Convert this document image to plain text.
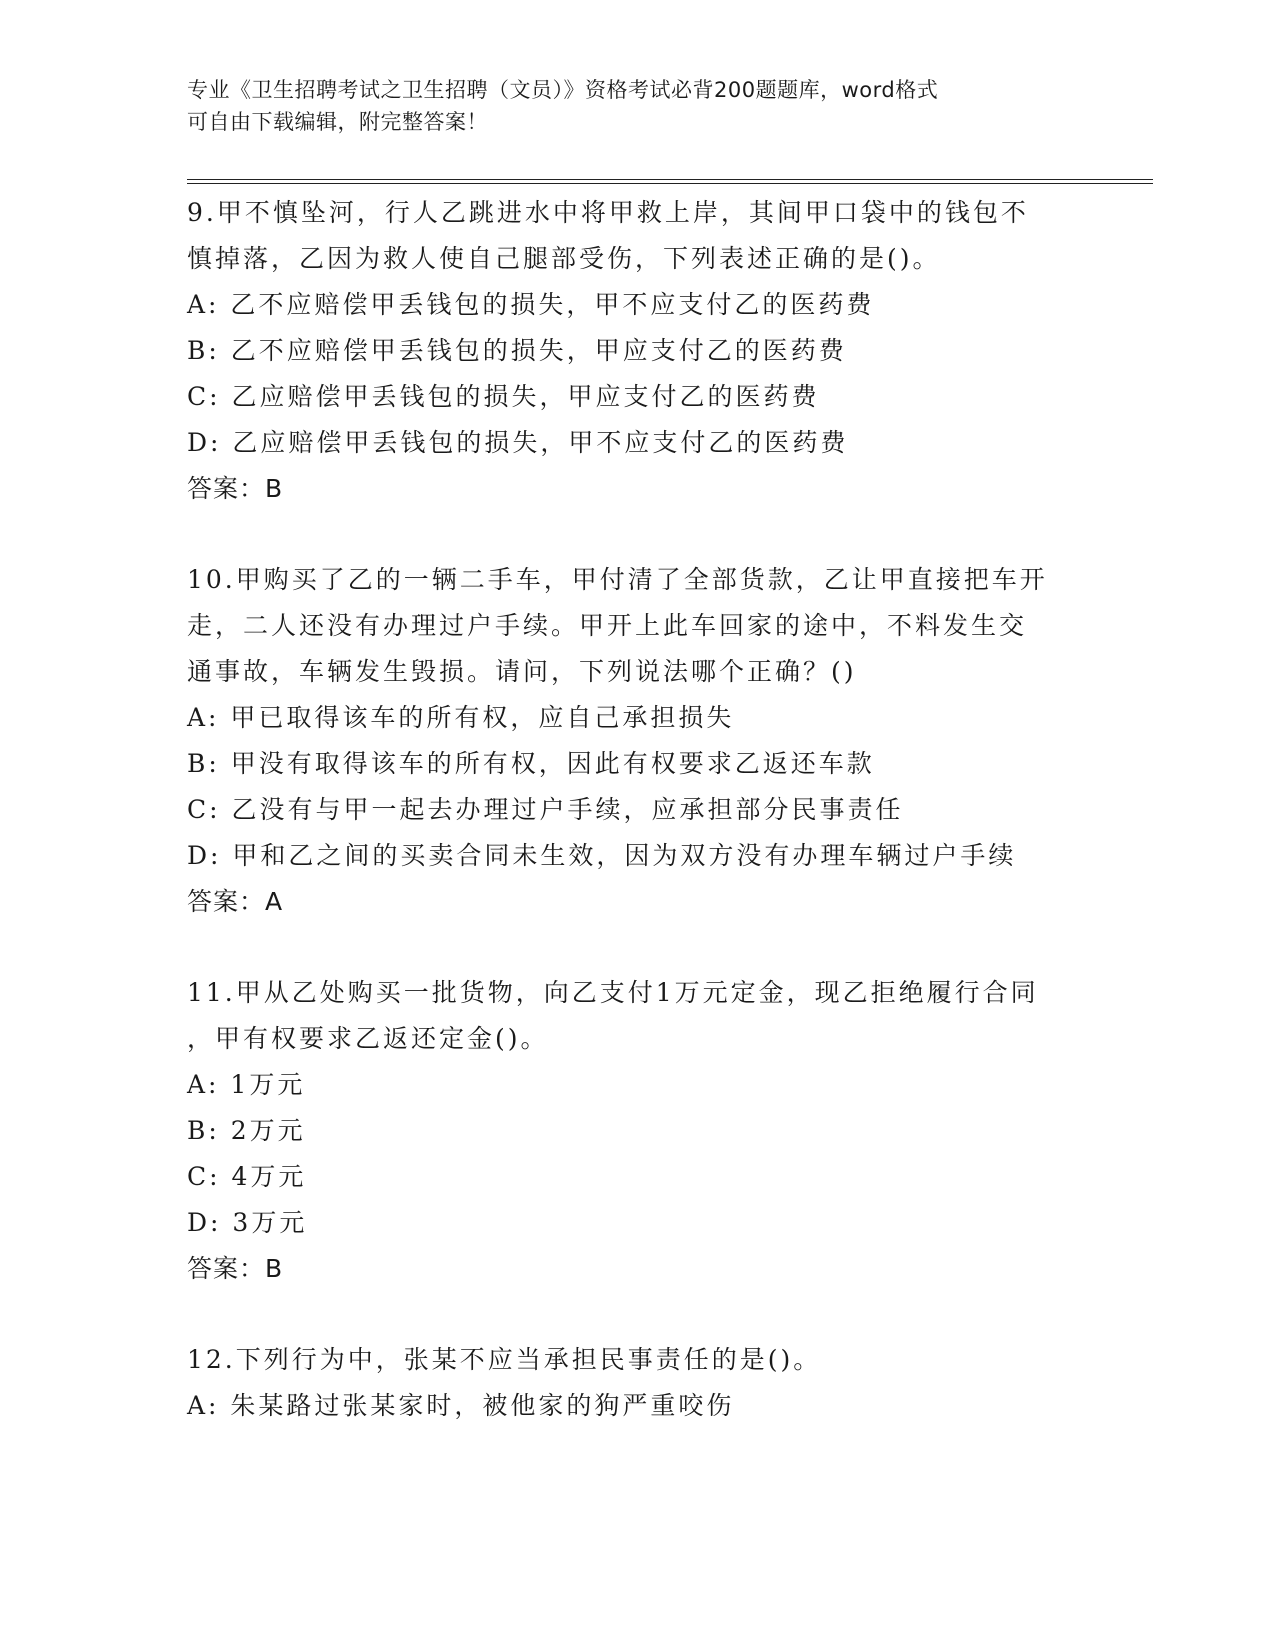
专业《卫生招聘考试之卫生招聘（文员）》资格考试必背200题题库，word格式
可自由下载编辑，附完整答案！
9.甲不慎坠河，行人乙跳进水中将甲救上岸，其间甲口袋中的钱包不
慎掉落，乙因为救人使自己腿部受伤，下列表述正确的是()。
A: 乙不应赔偿甲丢钱包的损失，甲不应支付乙的医药费
B: 乙不应赔偿甲丢钱包的损失，甲应支付乙的医药费
C: 乙应赔偿甲丢钱包的损失，甲应支付乙的医药费
D: 乙应赔偿甲丢钱包的损失，甲不应支付乙的医药费
答案：B
10.甲购买了乙的一辆二手车，甲付清了全部货款，乙让甲直接把车开
走，二人还没有办理过户手续。甲开上此车回家的途中，不料发生交
通事故，车辆发生毁损。请问，下列说法哪个正确？()
A: 甲已取得该车的所有权，应自己承担损失
B: 甲没有取得该车的所有权，因此有权要求乙返还车款
C: 乙没有与甲一起去办理过户手续，应承担部分民事责任
D: 甲和乙之间的买卖合同未生效，因为双方没有办理车辆过户手续
答案：A
11.甲从乙处购买一批货物，向乙支付1万元定金，现乙拒绝履行合同
，甲有权要求乙返还定金()。
A: 1万元
B: 2万元
C: 4万元
D: 3万元
答案：B
12.下列行为中，张某不应当承担民事责任的是()。
A: 朱某路过张某家时，被他家的狗严重咬伤
